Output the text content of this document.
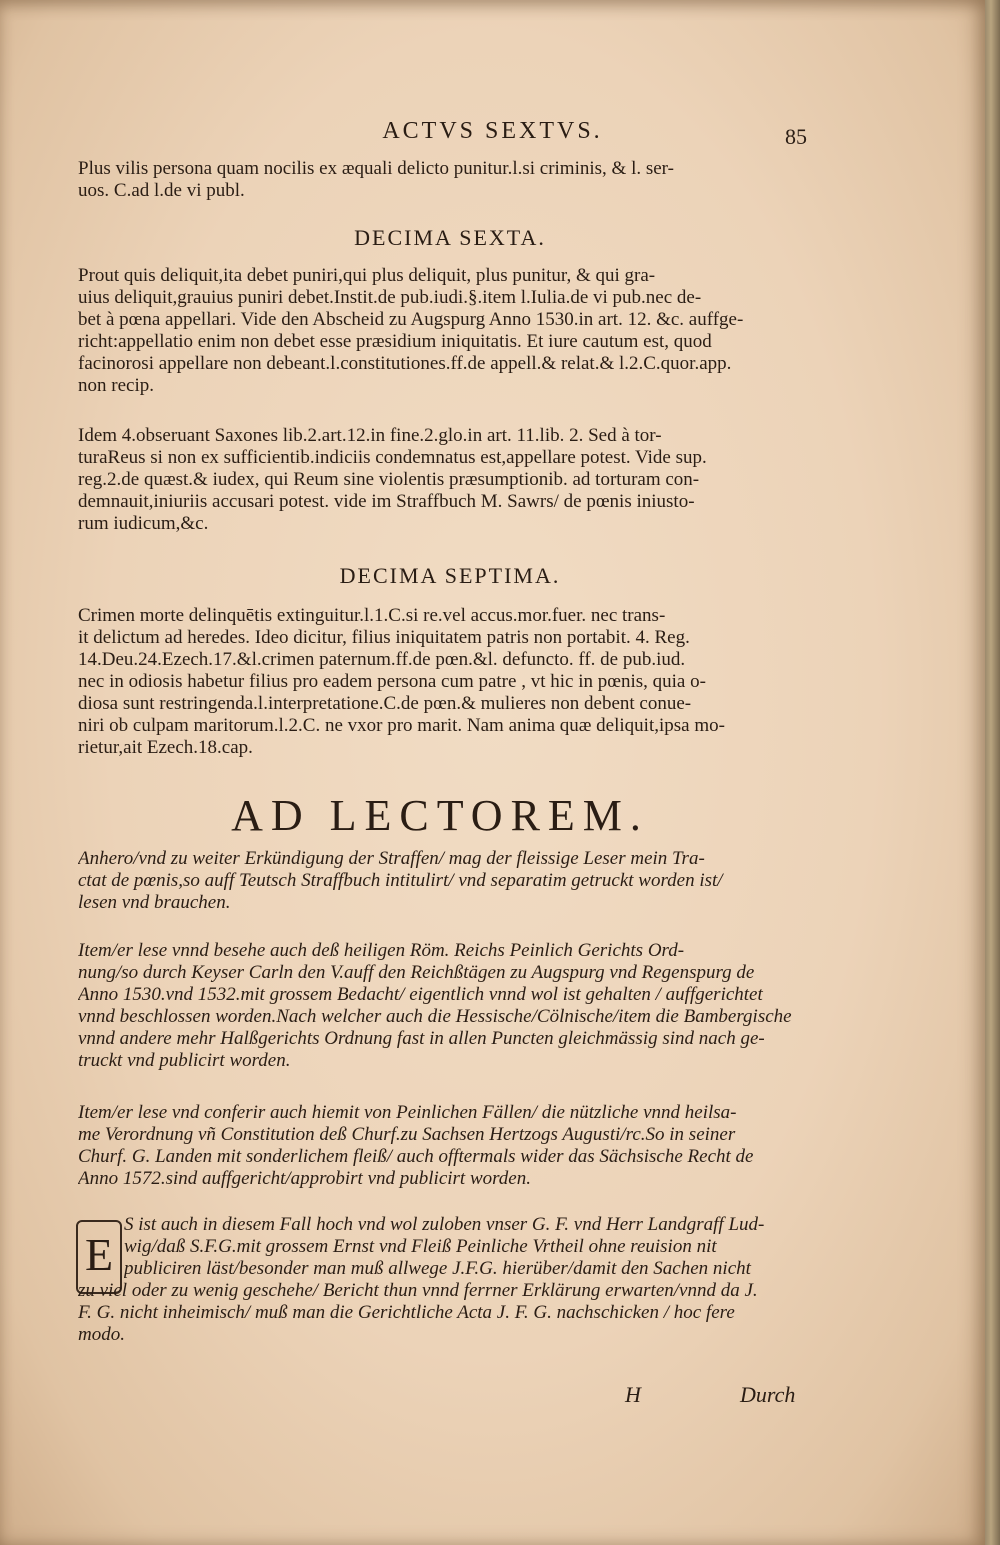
ACTVS SEXTVS.	85
Plus vilis persona quam nocilis ex æquali delicto punitur.l.si criminis, & l. ser-
uos. C.ad l.de vi publ.
DECIMA SEXTA.
Prout quis deliquit,ita debet puniri,qui plus deliquit, plus punitur, & qui gra-
uius deliquit,grauius puniri debet.Instit.de pub.iudi.§.item l.Iulia.de vi pub.nec de-
bet à pœna appellari. Vide den Abscheid zu Augspurg Anno 1530.in art. 12. &c. auffge-
richt:appellatio enim non debet esse præsidium iniquitatis. Et iure cautum est, quod
facinorosi appellare non debeant.l.constitutiones.ff.de appell.& relat.& l.2.C.quor.app.
non recip.
Idem 4.obseruant Saxones lib.2.art.12.in fine.2.glo.in art. 11.lib. 2. Sed à tor-
turaReus si non ex sufficientib.indiciis condemnatus est,appellare potest. Vide sup.
reg.2.de quæst.& iudex, qui Reum sine violentis præsumptionib. ad torturam con-
demnauit,iniuriis accusari potest. vide im Straffbuch M. Sawrs/ de pœnis iniusto-
rum iudicum,&c.
DECIMA SEPTIMA.
Crimen morte delinquētis extinguitur.l.1.C.si re.vel accus.mor.fuer. nec trans-
it delictum ad heredes. Ideo dicitur, filius iniquitatem patris non portabit. 4. Reg.
14.Deu.24.Ezech.17.&l.crimen paternum.ff.de pœn.&l. defuncto. ff. de pub.iud.
nec in odiosis habetur filius pro eadem persona cum patre , vt hic in pœnis, quia o-
diosa sunt restringenda.l.interpretatione.C.de pœn.& mulieres non debent conue-
niri ob culpam maritorum.l.2.C. ne vxor pro marit. Nam anima quæ deliquit,ipsa mo-
rietur,ait Ezech.18.cap.
AD LECTOREM.
Anhero/vnd zu weiter Erkündigung der Straffen/ mag der fleissige Leser mein Tra-
ctat de pœnis,so auff Teutsch Straffbuch intitulirt/ vnd separatim getruckt worden ist/
lesen vnd brauchen.
Item/er lese vnnd besehe auch deß heiligen Röm. Reichs Peinlich Gerichts Ord-
nung/so durch Keyser Carln den V.auff den Reichßtägen zu Augspurg vnd Regenspurg de
Anno 1530.vnd 1532.mit grossem Bedacht/ eigentlich vnnd wol ist gehalten / auffgerichtet
vnnd beschlossen worden.Nach welcher auch die Hessische/Cölnische/item die Bambergische
vnnd andere mehr Halßgerichts Ordnung fast in allen Puncten gleichmässig sind nach ge-
truckt vnd publicirt worden.
Item/er lese vnd conferir auch hiemit von Peinlichen Fällen/ die nützliche vnnd heilsa-
me Verordnung vñ Constitution deß Churf.zu Sachsen Hertzogs Augusti/rc.So in seiner
Churf. G. Landen mit sonderlichem fleiß/ auch offtermals wider das Sächsische Recht de
Anno 1572.sind auffgericht/approbirt vnd publicirt worden.
E
S ist auch in diesem Fall hoch vnd wol zuloben vnser G. F. vnd Herr Landgraff Lud-
wig/daß S.F.G.mit grossem Ernst vnd Fleiß Peinliche Vrtheil ohne reuision nit
publiciren läst/besonder man muß allwege J.F.G. hierüber/damit den Sachen nicht
zu viel oder zu wenig geschehe/ Bericht thun vnnd ferrner Erklärung erwarten/vnnd da J.
F. G. nicht inheimisch/ muß man die Gerichtliche Acta J. F. G. nachschicken / hoc fere
modo.
H	Durch
